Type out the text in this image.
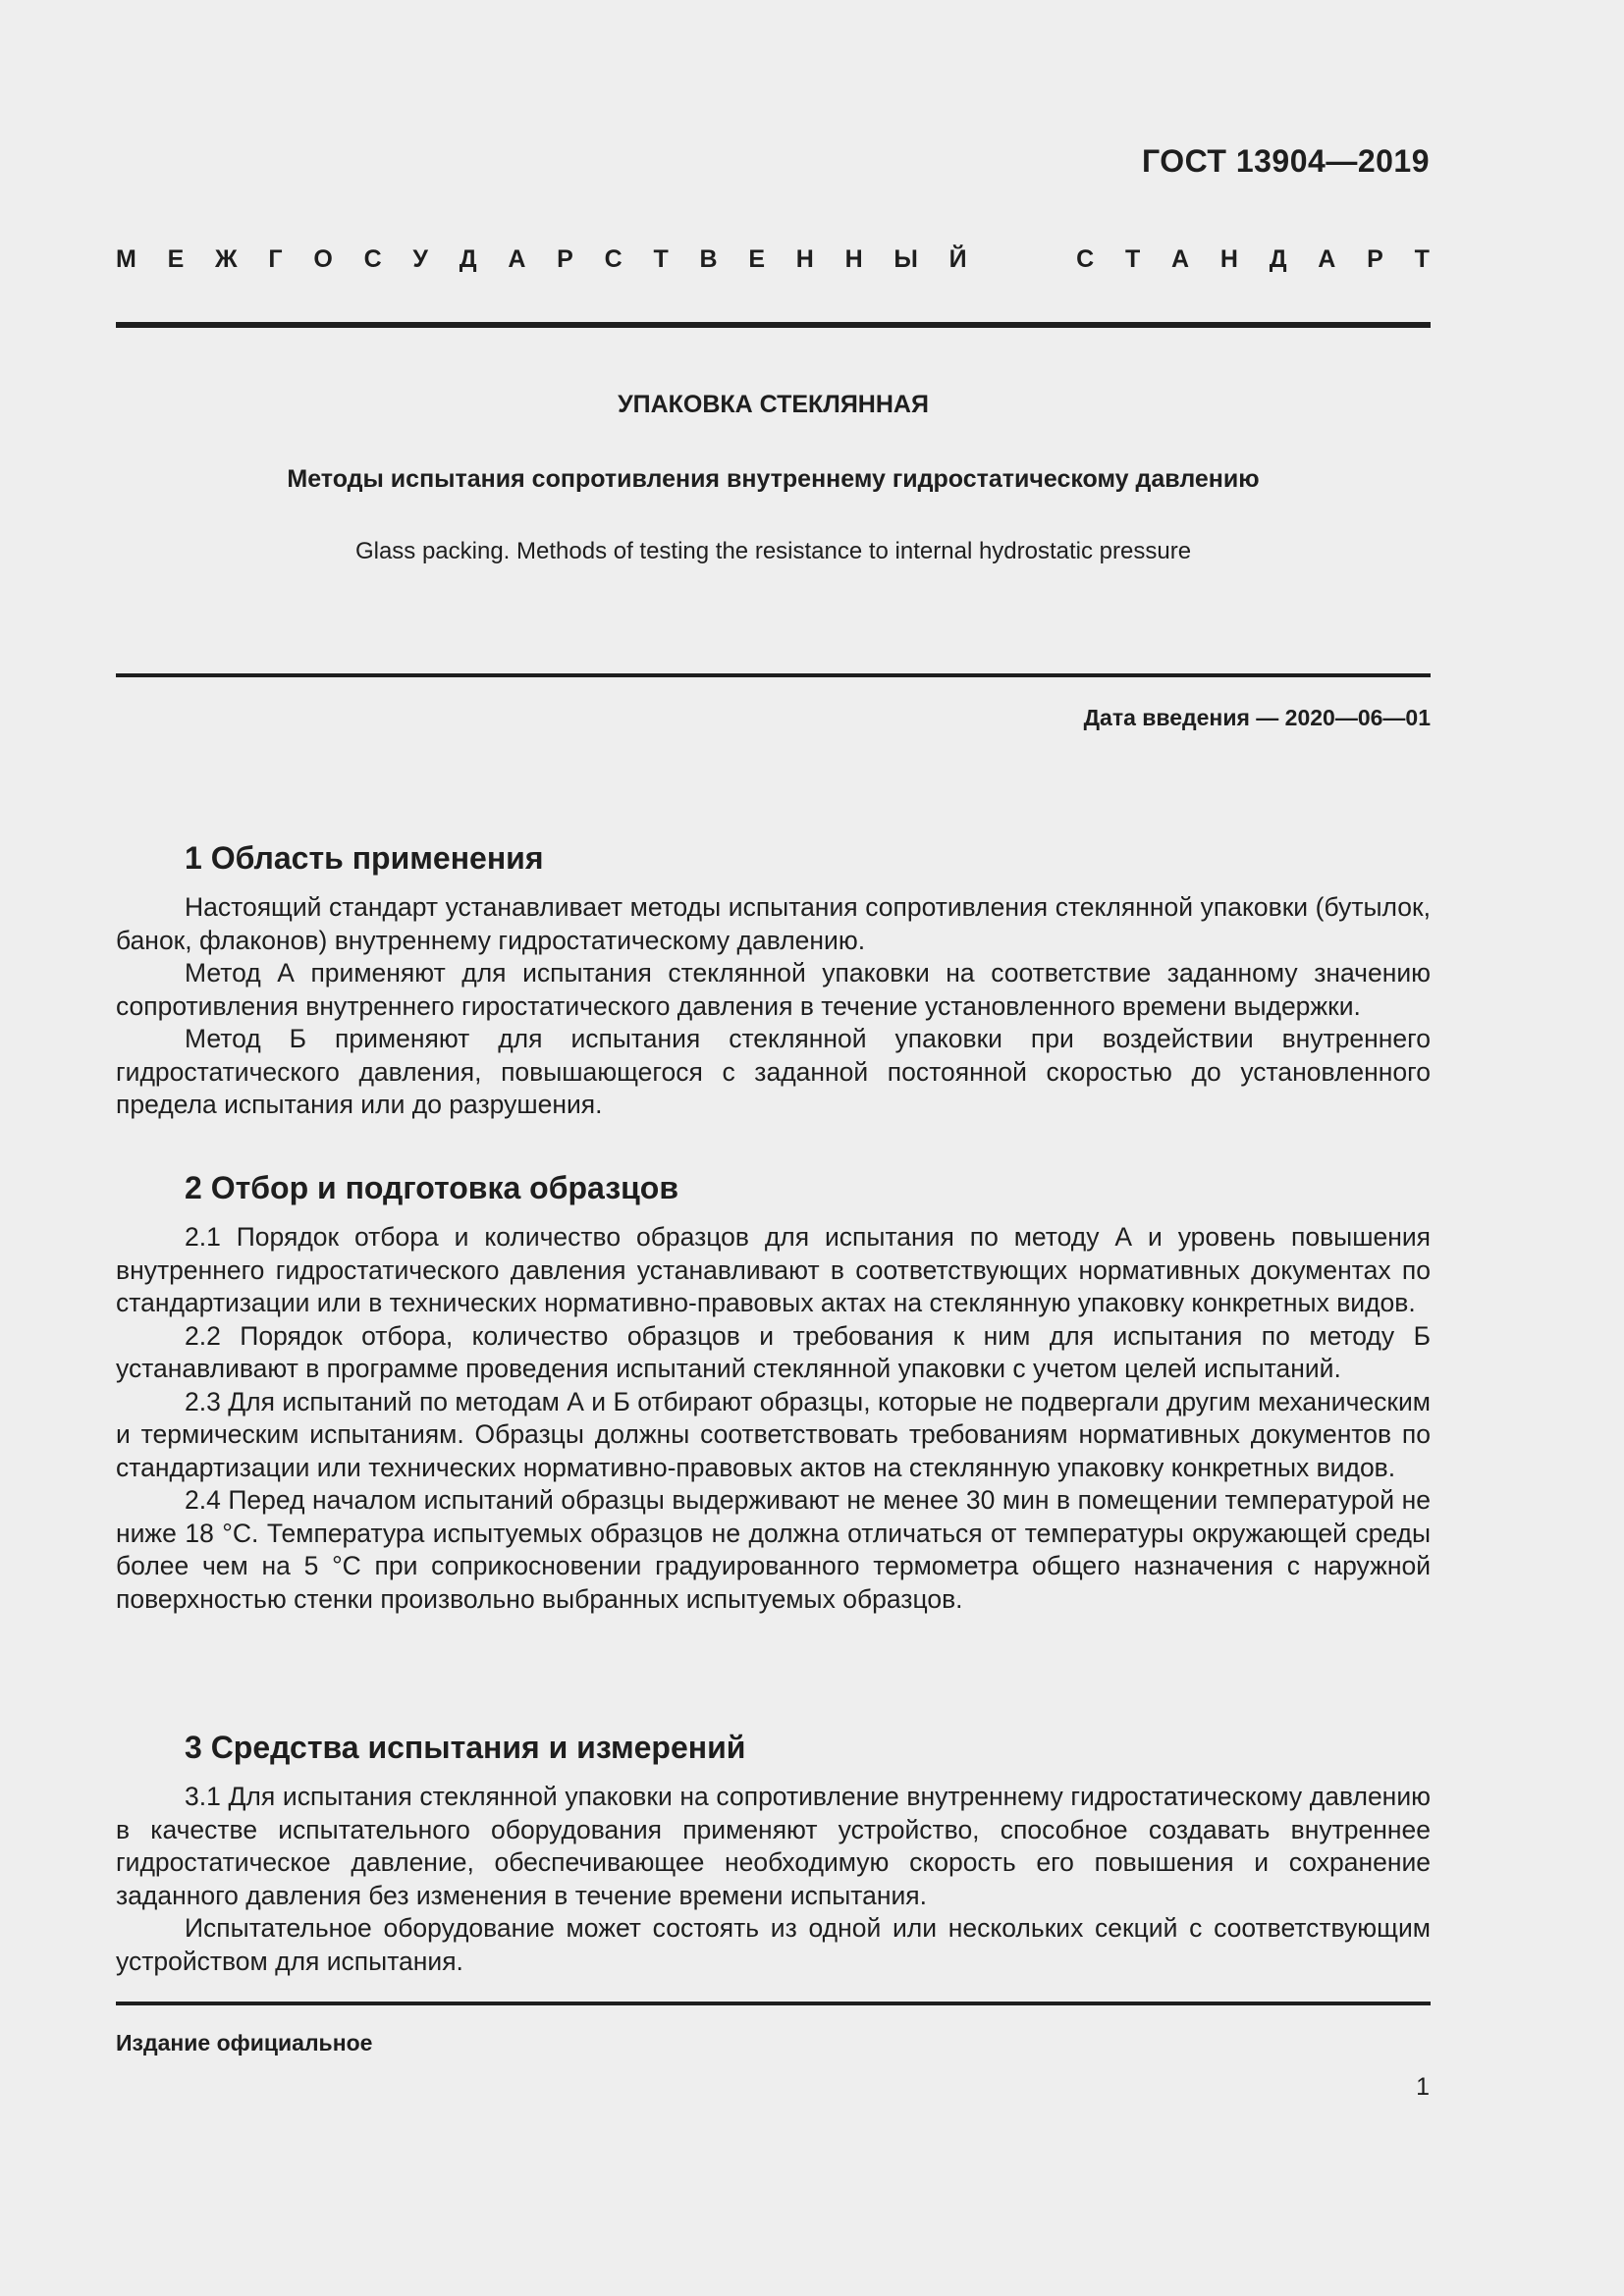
ГОСТ 13904—2019
М Е Ж Г О С У Д А Р С Т В Е Н Н Ы Й	С Т А Н Д А Р Т
УПАКОВКА СТЕКЛЯННАЯ
Методы испытания сопротивления внутреннему гидростатическому давлению
Glass packing. Methods of testing the resistance to internal hydrostatic pressure
Дата введения — 2020—06—01
1 Область применения

Настоящий стандарт устанавливает методы испытания сопротивления стеклянной упаковки (бутылок, банок, флаконов) внутреннему гидростатическому давлению.

Метод А применяют для испытания стеклянной упаковки на соответствие заданному значению сопротивления внутреннего гиростатического давления в течение установленного времени выдержки.

Метод Б применяют для испытания стеклянной упаковки при воздействии внутреннего гидростатического давления, повышающегося с заданной постоянной скоростью до установленного предела испытания или до разрушения.

2 Отбор и подготовка образцов

2.1 Порядок отбора и количество образцов для испытания по методу А и уровень повышения внутреннего гидростатического давления устанавливают в соответствующих нормативных документах по стандартизации или в технических нормативно-правовых актах на стеклянную упаковку конкретных видов.

2.2 Порядок отбора, количество образцов и требования к ним для испытания по методу Б устанавливают в программе проведения испытаний стеклянной упаковки с учетом целей испытаний.

2.3 Для испытаний по методам А и Б отбирают образцы, которые не подвергали другим механическим и термическим испытаниям. Образцы должны соответствовать требованиям нормативных документов по стандартизации или технических нормативно-правовых актов на стеклянную упаковку конкретных видов.

2.4 Перед началом испытаний образцы выдерживают не менее 30 мин в помещении температурой не ниже 18 °С. Температура испытуемых образцов не должна отличаться от температуры окружающей среды более чем на 5 °С при соприкосновении градуированного термометра общего назначения с наружной поверхностью стенки произвольно выбранных испытуемых образцов.

3 Средства испытания и измерений

3.1 Для испытания стеклянной упаковки на сопротивление внутреннему гидростатическому давлению в качестве испытательного оборудования применяют устройство, способное создавать внутреннее гидростатическое давление, обеспечивающее необходимую скорость его повышения и сохранение заданного давления без изменения в течение времени испытания.

Испытательное оборудование может состоять из одной или нескольких секций с соответствующим устройством для испытания.

Издание официальное
1
